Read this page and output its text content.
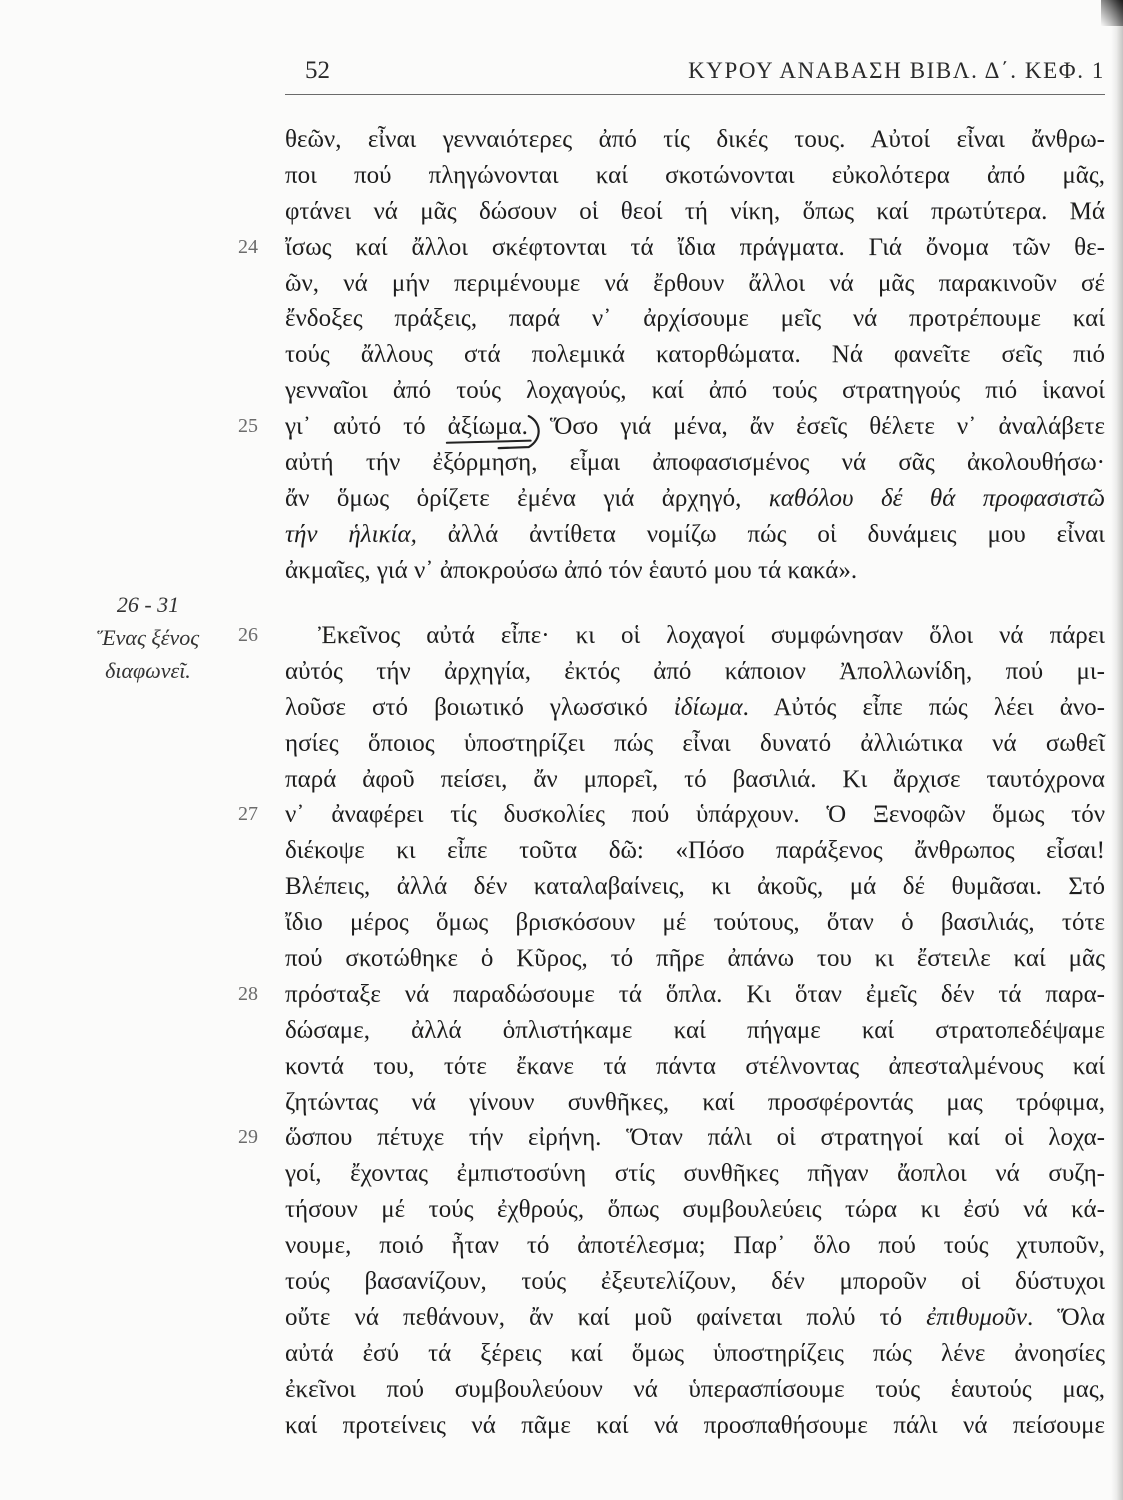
52	ΚΥΡΟΥ ΑΝΑΒΑΣΗ ΒΙΒΛ. Δ΄. ΚΕΦ. 1
26 - 31
Ἕνας ξένος
διαφωνεῖ.
θεῶν, εἶναι γενναιότερες ἀπό τίς δικές τους. Αὐτοί εἶναι ἄνθρω-
ποι πού πληγώνονται καί σκοτώνονται εὐκολότερα ἀπό μᾶς,
φτάνει νά μᾶς δώσουν οἱ θεοί τή νίκη, ὅπως καί πρωτύτερα. Μά
24 ἴσως καί ἄλλοι σκέφτονται τά ἴδια πράγματα. Γιά ὄνομα τῶν θε-
ῶν, νά μήν περιμένουμε νά ἔρθουν ἄλλοι νά μᾶς παρακινοῦν σέ
ἔνδοξες πράξεις, παρά ν᾽ ἀρχίσουμε μεῖς νά προτρέπουμε καί
τούς ἄλλους στά πολεμικά κατορθώματα. Νά φανεῖτε σεῖς πιό
γενναῖοι ἀπό τούς λοχαγούς, καί ἀπό τούς στρατηγούς πιό ἱκανοί
25 γι᾽ αὐτό τό ἀξίωμα.
Ὅσο γιά μένα, ἄν ἐσεῖς θέλετε ν᾽ ἀναλάβετε
αὐτή τήν ἐξόρμηση, εἶμαι ἀποφασισμένος νά σᾶς ἀκολουθήσω·
ἄν ὅμως ὁρίζετε ἐμένα γιά ἀρχηγό, καθόλου δέ θά προφασιστῶ
τήν ἡλικία, ἀλλά ἀντίθετα νομίζω πώς οἱ δυνάμεις μου εἶναι
ἀκμαῖες, γιά ν᾽ ἀποκρούσω ἀπό τόν ἑαυτό μου τά κακά».
26 Ἐκεῖνος αὐτά εἶπε· κι οἱ λοχαγοί συμφώνησαν ὅλοι νά πάρει
αὐτός τήν ἀρχηγία, ἐκτός ἀπό κάποιον Ἀπολλωνίδη, πού μι-
λοῦσε στό βοιωτικό γλωσσικό ἰδίωμα. Αὐτός εἶπε πώς λέει ἀνο-
ησίες ὅποιος ὑποστηρίζει πώς εἶναι δυνατό ἀλλιώτικα νά σωθεῖ
παρά ἀφοῦ πείσει, ἄν μπορεῖ, τό βασιλιά. Κι ἄρχισε ταυτόχρονα
27 ν᾽ ἀναφέρει τίς δυσκολίες πού ὑπάρχουν. Ὁ Ξενοφῶν ὅμως τόν
διέκοψε κι εἶπε τοῦτα δῶ: «Πόσο παράξενος ἄνθρωπος εἶσαι!
Βλέπεις, ἀλλά δέν καταλαβαίνεις, κι ἀκοῦς, μά δέ θυμᾶσαι. Στό
ἴδιο μέρος ὅμως βρισκόσουν μέ τούτους, ὅταν ὁ βασιλιάς, τότε
πού σκοτώθηκε ὁ Κῦρος, τό πῆρε ἀπάνω του κι ἔστειλε καί μᾶς
28 πρόσταξε νά παραδώσουμε τά ὅπλα. Κι ὅταν ἐμεῖς δέν τά παρα-
δώσαμε, ἀλλά ὁπλιστήκαμε καί πήγαμε καί στρατοπεδέψαμε
κοντά του, τότε ἔκανε τά πάντα στέλνοντας ἀπεσταλμένους καί
ζητώντας νά γίνουν συνθῆκες, καί προσφέροντάς μας τρόφιμα,
29 ὥσπου πέτυχε τήν εἰρήνη. Ὅταν πάλι οἱ στρατηγοί καί οἱ λοχα-
γοί, ἔχοντας ἐμπιστοσύνη στίς συνθῆκες πῆγαν ἄοπλοι νά συζη-
τήσουν μέ τούς ἐχθρούς, ὅπως συμβουλεύεις τώρα κι ἐσύ νά κά-
νουμε, ποιό ἦταν τό ἀποτέλεσμα; Παρ᾽ ὅλο πού τούς χτυποῦν,
τούς βασανίζουν, τούς ἐξευτελίζουν, δέν μποροῦν οἱ δύστυχοι
οὔτε νά πεθάνουν, ἄν καί μοῦ φαίνεται πολύ τό ἐπιθυμοῦν. Ὅλα
αὐτά ἐσύ τά ξέρεις καί ὅμως ὑποστηρίζεις πώς λένε ἀνοησίες
ἐκεῖνοι πού συμβουλεύουν νά ὑπερασπίσουμε τούς ἑαυτούς μας,
καί προτείνεις νά πᾶμε καί νά προσπαθήσουμε πάλι νά πείσουμε
